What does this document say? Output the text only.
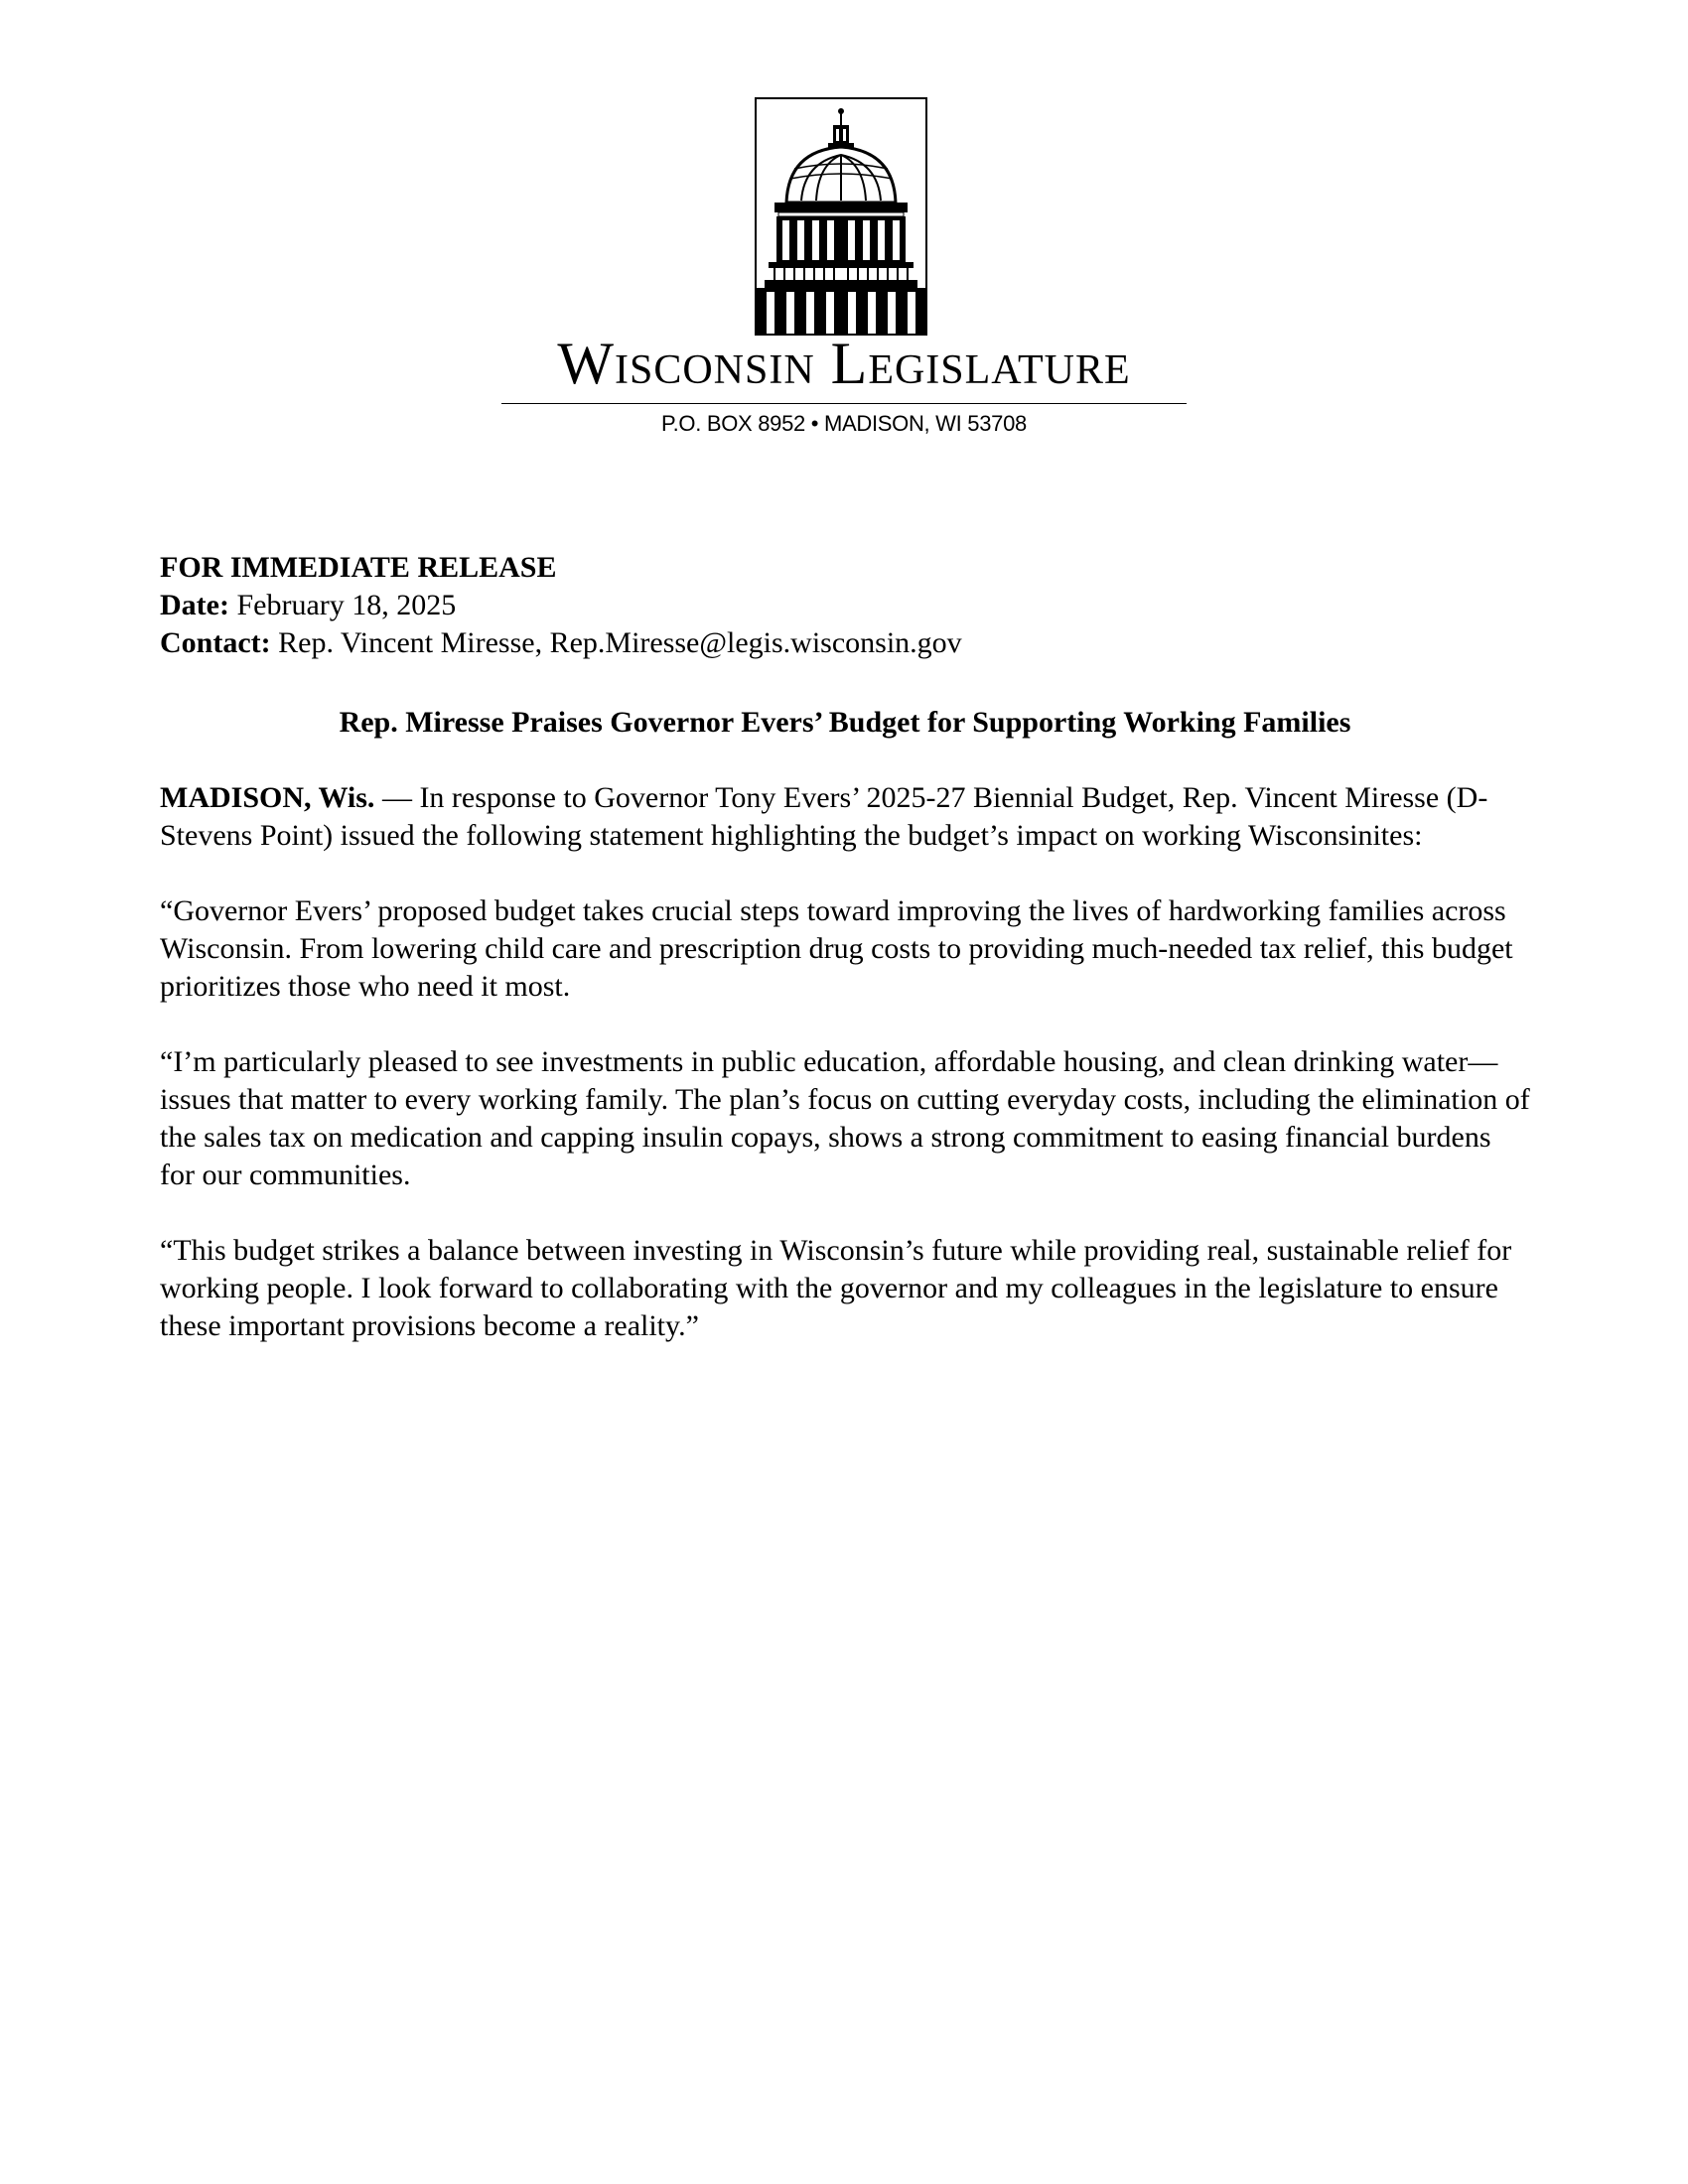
Wisconsin Legislature
P.O. BOX 8952 • MADISON, WI 53708

FOR IMMEDIATE RELEASE

Date: February 18, 2025

Contact: Rep. Vincent Miresse, Rep.Miresse@legis.wisconsin.gov

Rep. Miresse Praises Governor Evers’ Budget for Supporting Working Families

MADISON, Wis. — In response to Governor Tony Evers’ 2025-27 Biennial Budget, Rep. Vincent Miresse (D-Stevens Point) issued the following statement highlighting the budget’s impact on working Wisconsinites:

“Governor Evers’ proposed budget takes crucial steps toward improving the lives of hardworking families across Wisconsin. From lowering child care and prescription drug costs to providing much-needed tax relief, this budget prioritizes those who need it most.

“I’m particularly pleased to see investments in public education, affordable housing, and clean drinking water—issues that matter to every working family. The plan’s focus on cutting everyday costs, including the elimination of the sales tax on medication and capping insulin copays, shows a strong commitment to easing financial burdens for our communities.

“This budget strikes a balance between investing in Wisconsin’s future while providing real, sustainable relief for working people. I look forward to collaborating with the governor and my colleagues in the legislature to ensure these important provisions become a reality.”
